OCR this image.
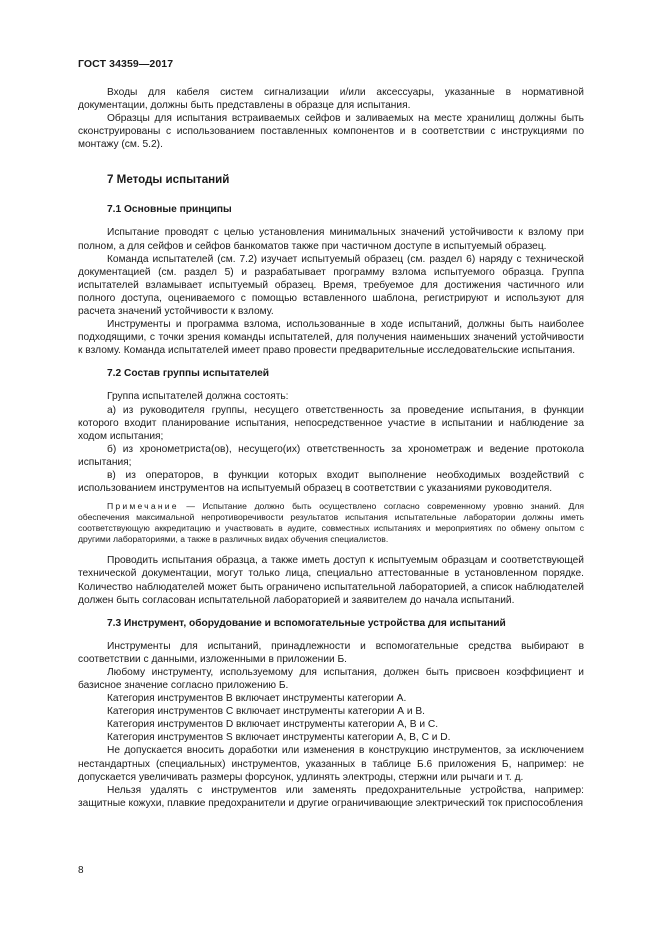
ГОСТ 34359—2017

Входы для кабеля систем сигнализации и/или аксессуары, указанные в нормативной документации, должны быть представлены в образце для испытания.

Образцы для испытания встраиваемых сейфов и заливаемых на месте хранилищ должны быть сконструированы с использованием поставленных компонентов и в соответствии с инструкциями по монтажу (см. 5.2).

7 Методы испытаний
7.1 Основные принципы

Испытание проводят с целью установления минимальных значений устойчивости к взлому при полном, а для сейфов и сейфов банкоматов также при частичном доступе в испытуемый образец.

Команда испытателей (см. 7.2) изучает испытуемый образец (см. раздел 6) наряду с технической документацией (см. раздел 5) и разрабатывает программу взлома испытуемого образца. Группа испытателей взламывает испытуемый образец. Время, требуемое для достижения частичного или полного доступа, оцениваемого с помощью вставленного шаблона, регистрируют и используют для расчета значений устойчивости к взлому.

Инструменты и программа взлома, использованные в ходе испытаний, должны быть наиболее подходящими, с точки зрения команды испытателей, для получения наименьших значений устойчивости к взлому. Команда испытателей имеет право провести предварительные исследовательские испытания.

7.2 Состав группы испытателей

Группа испытателей должна состоять:

а) из руководителя группы, несущего ответственность за проведение испытания, в функции которого входит планирование испытания, непосредственное участие в испытании и наблюдение за ходом испытания;

б) из хронометриста(ов), несущего(их) ответственность за хронометраж и ведение протокола испытания;

в) из операторов, в функции которых входит выполнение необходимых воздействий с использованием инструментов на испытуемый образец в соответствии с указаниями руководителя.

Примечание — Испытание должно быть осуществлено согласно современному уровню знаний. Для обеспечения максимальной непротиворечивости результатов испытания испытательные лаборатории должны иметь соответствующую аккредитацию и участвовать в аудите, совместных испытаниях и мероприятиях по обмену опытом с другими лабораториями, а также в различных видах обучения специалистов.

Проводить испытания образца, а также иметь доступ к испытуемым образцам и соответствующей технической документации, могут только лица, специально аттестованные в установленном порядке. Количество наблюдателей может быть ограничено испытательной лабораторией, а список наблюдателей должен быть согласован испытательной лабораторией и заявителем до начала испытаний.

7.3 Инструмент, оборудование и вспомогательные устройства для испытаний

Инструменты для испытаний, принадлежности и вспомогательные средства выбирают в соответствии с данными, изложенными в приложении Б.

Любому инструменту, используемому для испытания, должен быть присвоен коэффициент и базисное значение согласно приложению Б.

Категория инструментов В включает инструменты категории А.

Категория инструментов С включает инструменты категории А и В.

Категория инструментов D включает инструменты категории А, В и С.

Категория инструментов S включает инструменты категории А, В, С и D.

Не допускается вносить доработки или изменения в конструкцию инструментов, за исключением нестандартных (специальных) инструментов, указанных в таблице Б.6 приложения Б, например: не допускается увеличивать размеры форсунок, удлинять электроды, стержни или рычаги и т. д.

Нельзя удалять с инструментов или заменять предохранительные устройства, например: защитные кожухи, плавкие предохранители и другие ограничивающие электрический ток приспособления

8
